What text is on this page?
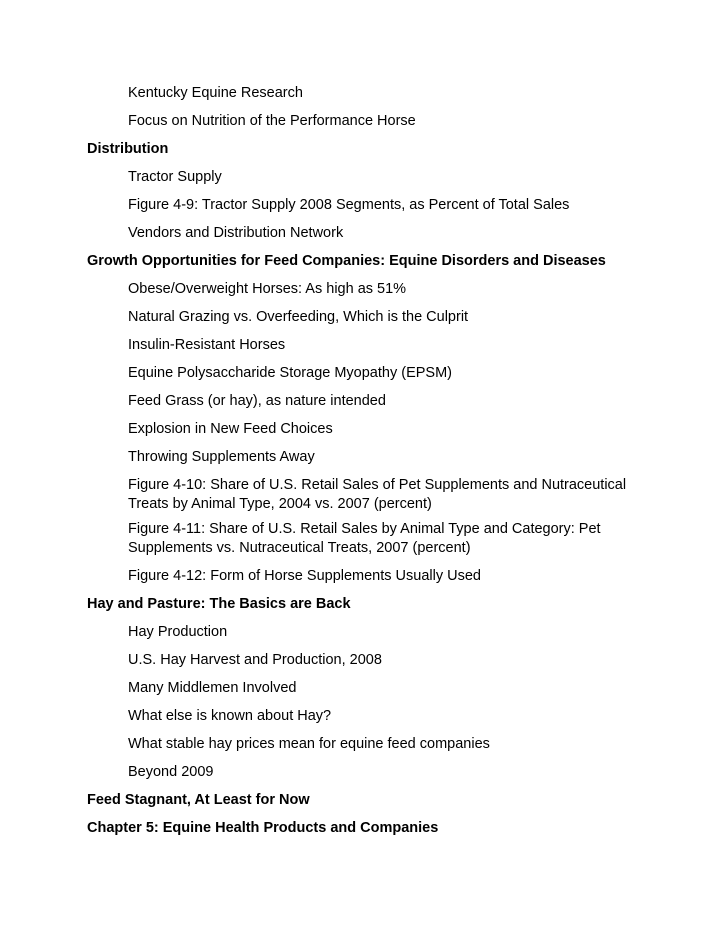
Kentucky Equine Research

Focus on Nutrition of the Performance Horse

Distribution

Tractor Supply

Figure 4-9: Tractor Supply 2008 Segments, as Percent of Total Sales

Vendors and Distribution Network

Growth Opportunities for Feed Companies: Equine Disorders and Diseases

Obese/Overweight Horses: As high as 51%

Natural Grazing vs. Overfeeding, Which is the Culprit

Insulin-Resistant Horses

Equine Polysaccharide Storage Myopathy (EPSM)

Feed Grass (or hay), as nature intended

Explosion in New Feed Choices

Throwing Supplements Away

Figure 4-10: Share of U.S. Retail Sales of Pet Supplements and Nutraceutical Treats by Animal Type, 2004 vs. 2007 (percent)

Figure 4-11: Share of U.S. Retail Sales by Animal Type and Category: Pet Supplements vs. Nutraceutical Treats, 2007 (percent)

Figure 4-12: Form of Horse Supplements Usually Used

Hay and Pasture: The Basics are Back

Hay Production

U.S. Hay Harvest and Production, 2008

Many Middlemen Involved

What else is known about Hay?

What stable hay prices mean for equine feed companies

Beyond 2009

Feed Stagnant, At Least for Now

Chapter 5: Equine Health Products and Companies
